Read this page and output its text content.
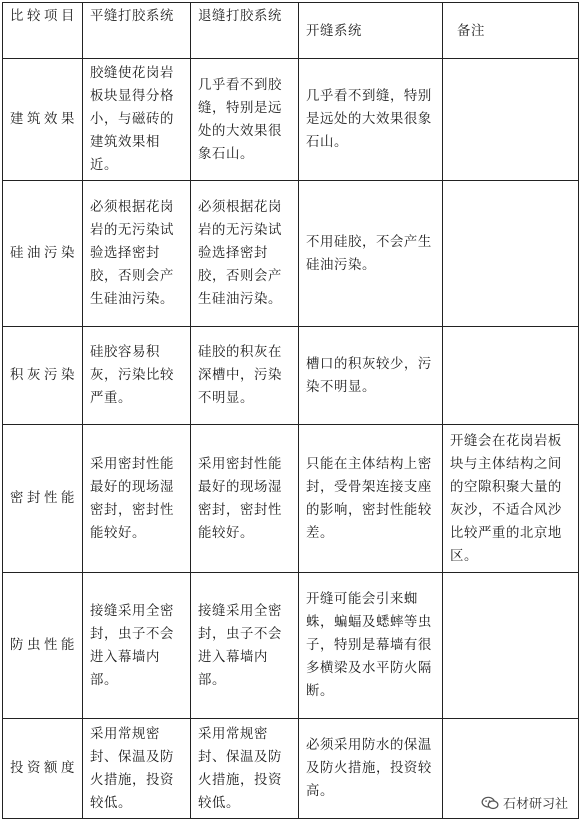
比较项目	平缝打胶系统	退缝打胶系统	开缝系统	备注
建筑效果	胶缝使花岗岩板块显得分格小，与磁砖的建筑效果相近。	几乎看不到胶缝，特别是远处的大效果很象石山。	几乎看不到缝，特别是远处的大效果很象石山。	
硅油污染	必须根据花岗岩的无污染试验选择密封胶，否则会产生硅油污染。	必须根据花岗岩的无污染试验选择密封胶，否则会产生硅油污染。	不用硅胶，不会产生硅油污染。	
积灰污染	硅胶容易积灰，污染比较严重。	硅胶的积灰在深槽中，污染不明显。	槽口的积灰较少，污染不明显。	
密封性能	采用密封性能最好的现场湿密封，密封性能较好。	采用密封性能最好的现场湿密封，密封性能较好。	只能在主体结构上密封，受骨架连接支座的影响，密封性能较差。	开缝会在花岗岩板块与主体结构之间的空隙积聚大量的灰沙，不适合风沙比较严重的北京地区。
防虫性能	接缝采用全密封，虫子不会进入幕墙内部。	接缝采用全密封，虫子不会进入幕墙内部。	开缝可能会引来蜘蛛，蝙蝠及蟋蟀等虫子，特别是幕墙有很多横梁及水平防火隔断。	
投资额度	采用常规密封、保温及防火措施，投资较低。	采用常规密封、保温及防火措施，投资较低。	必须采用防水的保温及防火措施，投资较高。	
石材研习社
